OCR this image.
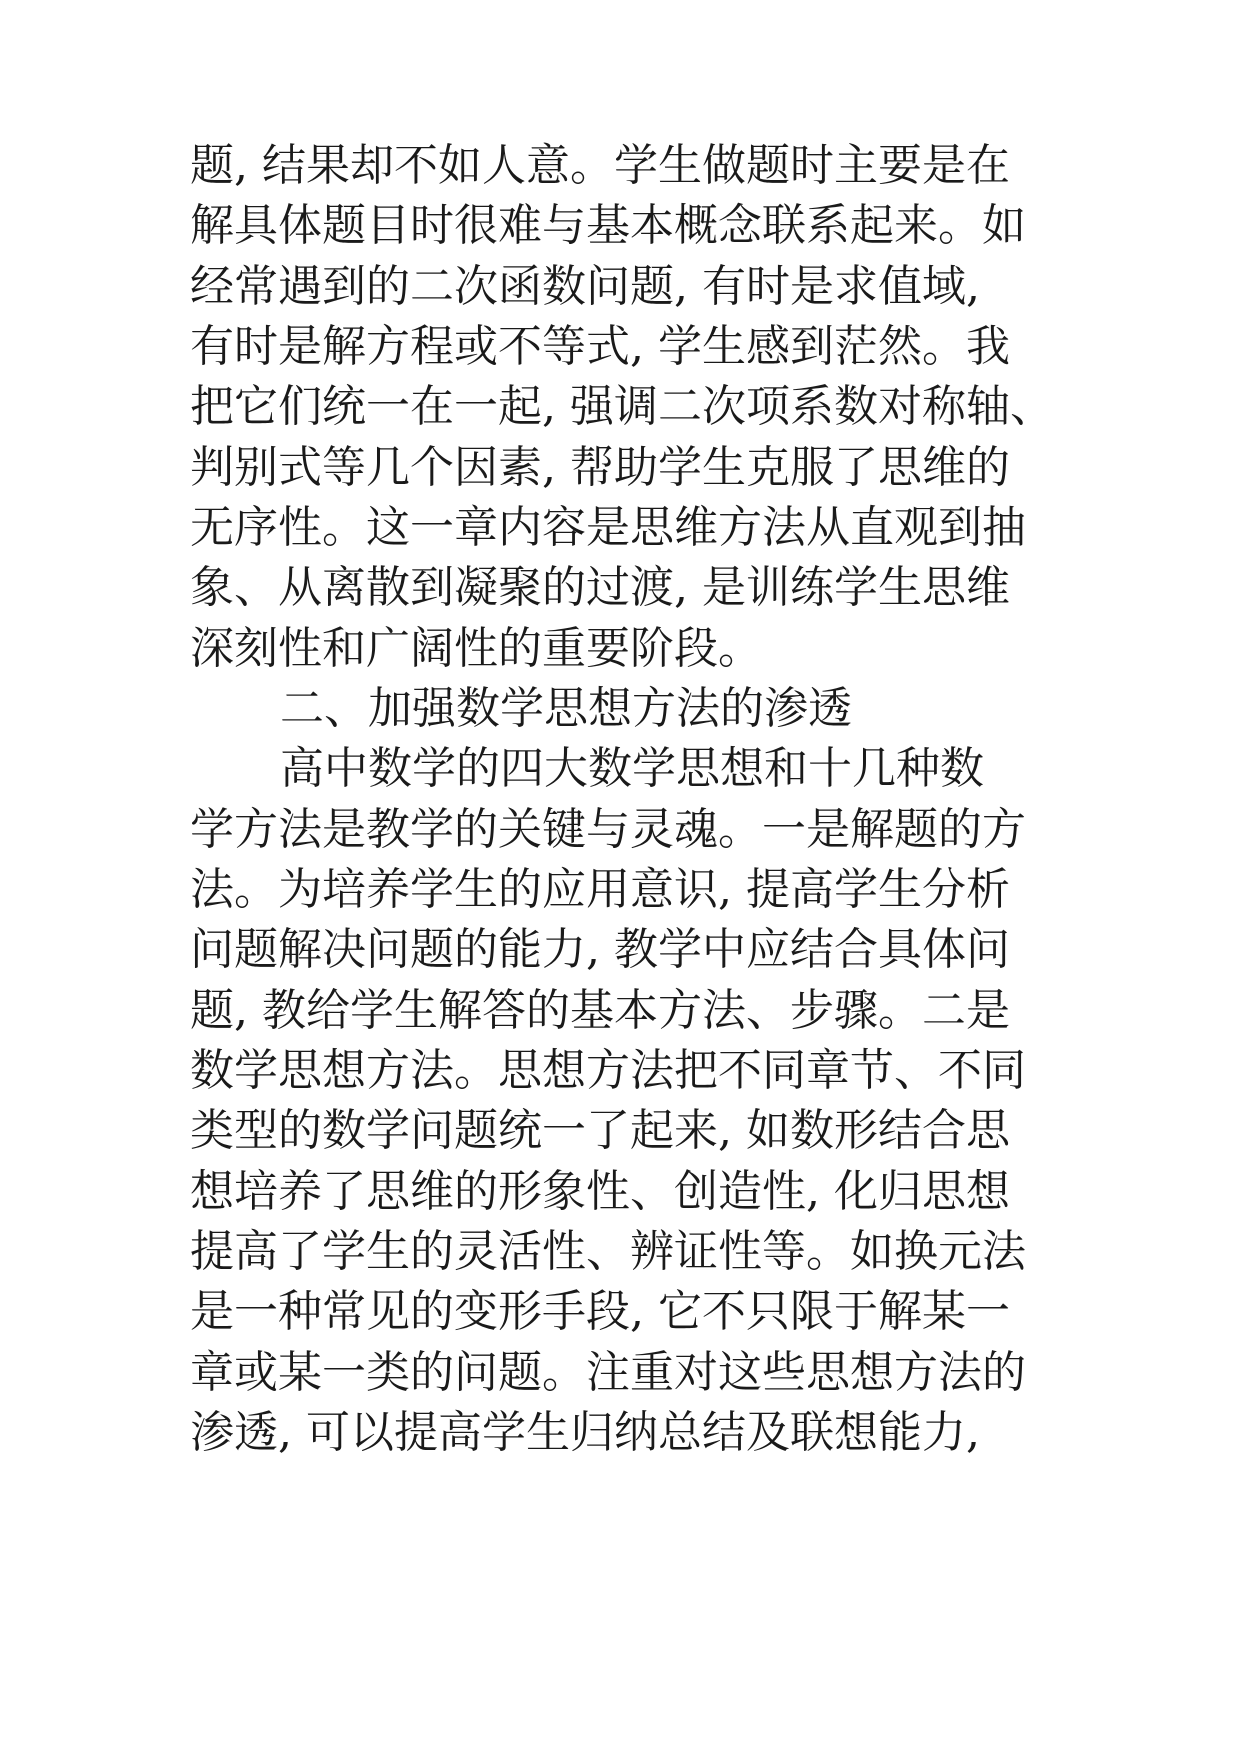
题, 结果却不如人意。学生做题时主要是在
解具体题目时很难与基本概念联系起来。如
经常遇到的二次函数问题, 有时是求值域,
有时是解方程或不等式, 学生感到茫然。我
把它们统一在一起, 强调二次项系数对称轴、
判别式等几个因素, 帮助学生克服了思维的
无序性。这一章内容是思维方法从直观到抽
象、从离散到凝聚的过渡, 是训练学生思维
深刻性和广阔性的重要阶段。
二、加强数学思想方法的渗透
高中数学的四大数学思想和十几种数
学方法是教学的关键与灵魂。一是解题的方
法。为培养学生的应用意识, 提高学生分析
问题解决问题的能力, 教学中应结合具体问
题, 教给学生解答的基本方法、步骤。二是
数学思想方法。思想方法把不同章节、不同
类型的数学问题统一了起来, 如数形结合思
想培养了思维的形象性、创造性, 化归思想
提高了学生的灵活性、辨证性等。如换元法
是一种常见的变形手段, 它不只限于解某一
章或某一类的问题。注重对这些思想方法的
渗透, 可以提高学生归纳总结及联想能力,
